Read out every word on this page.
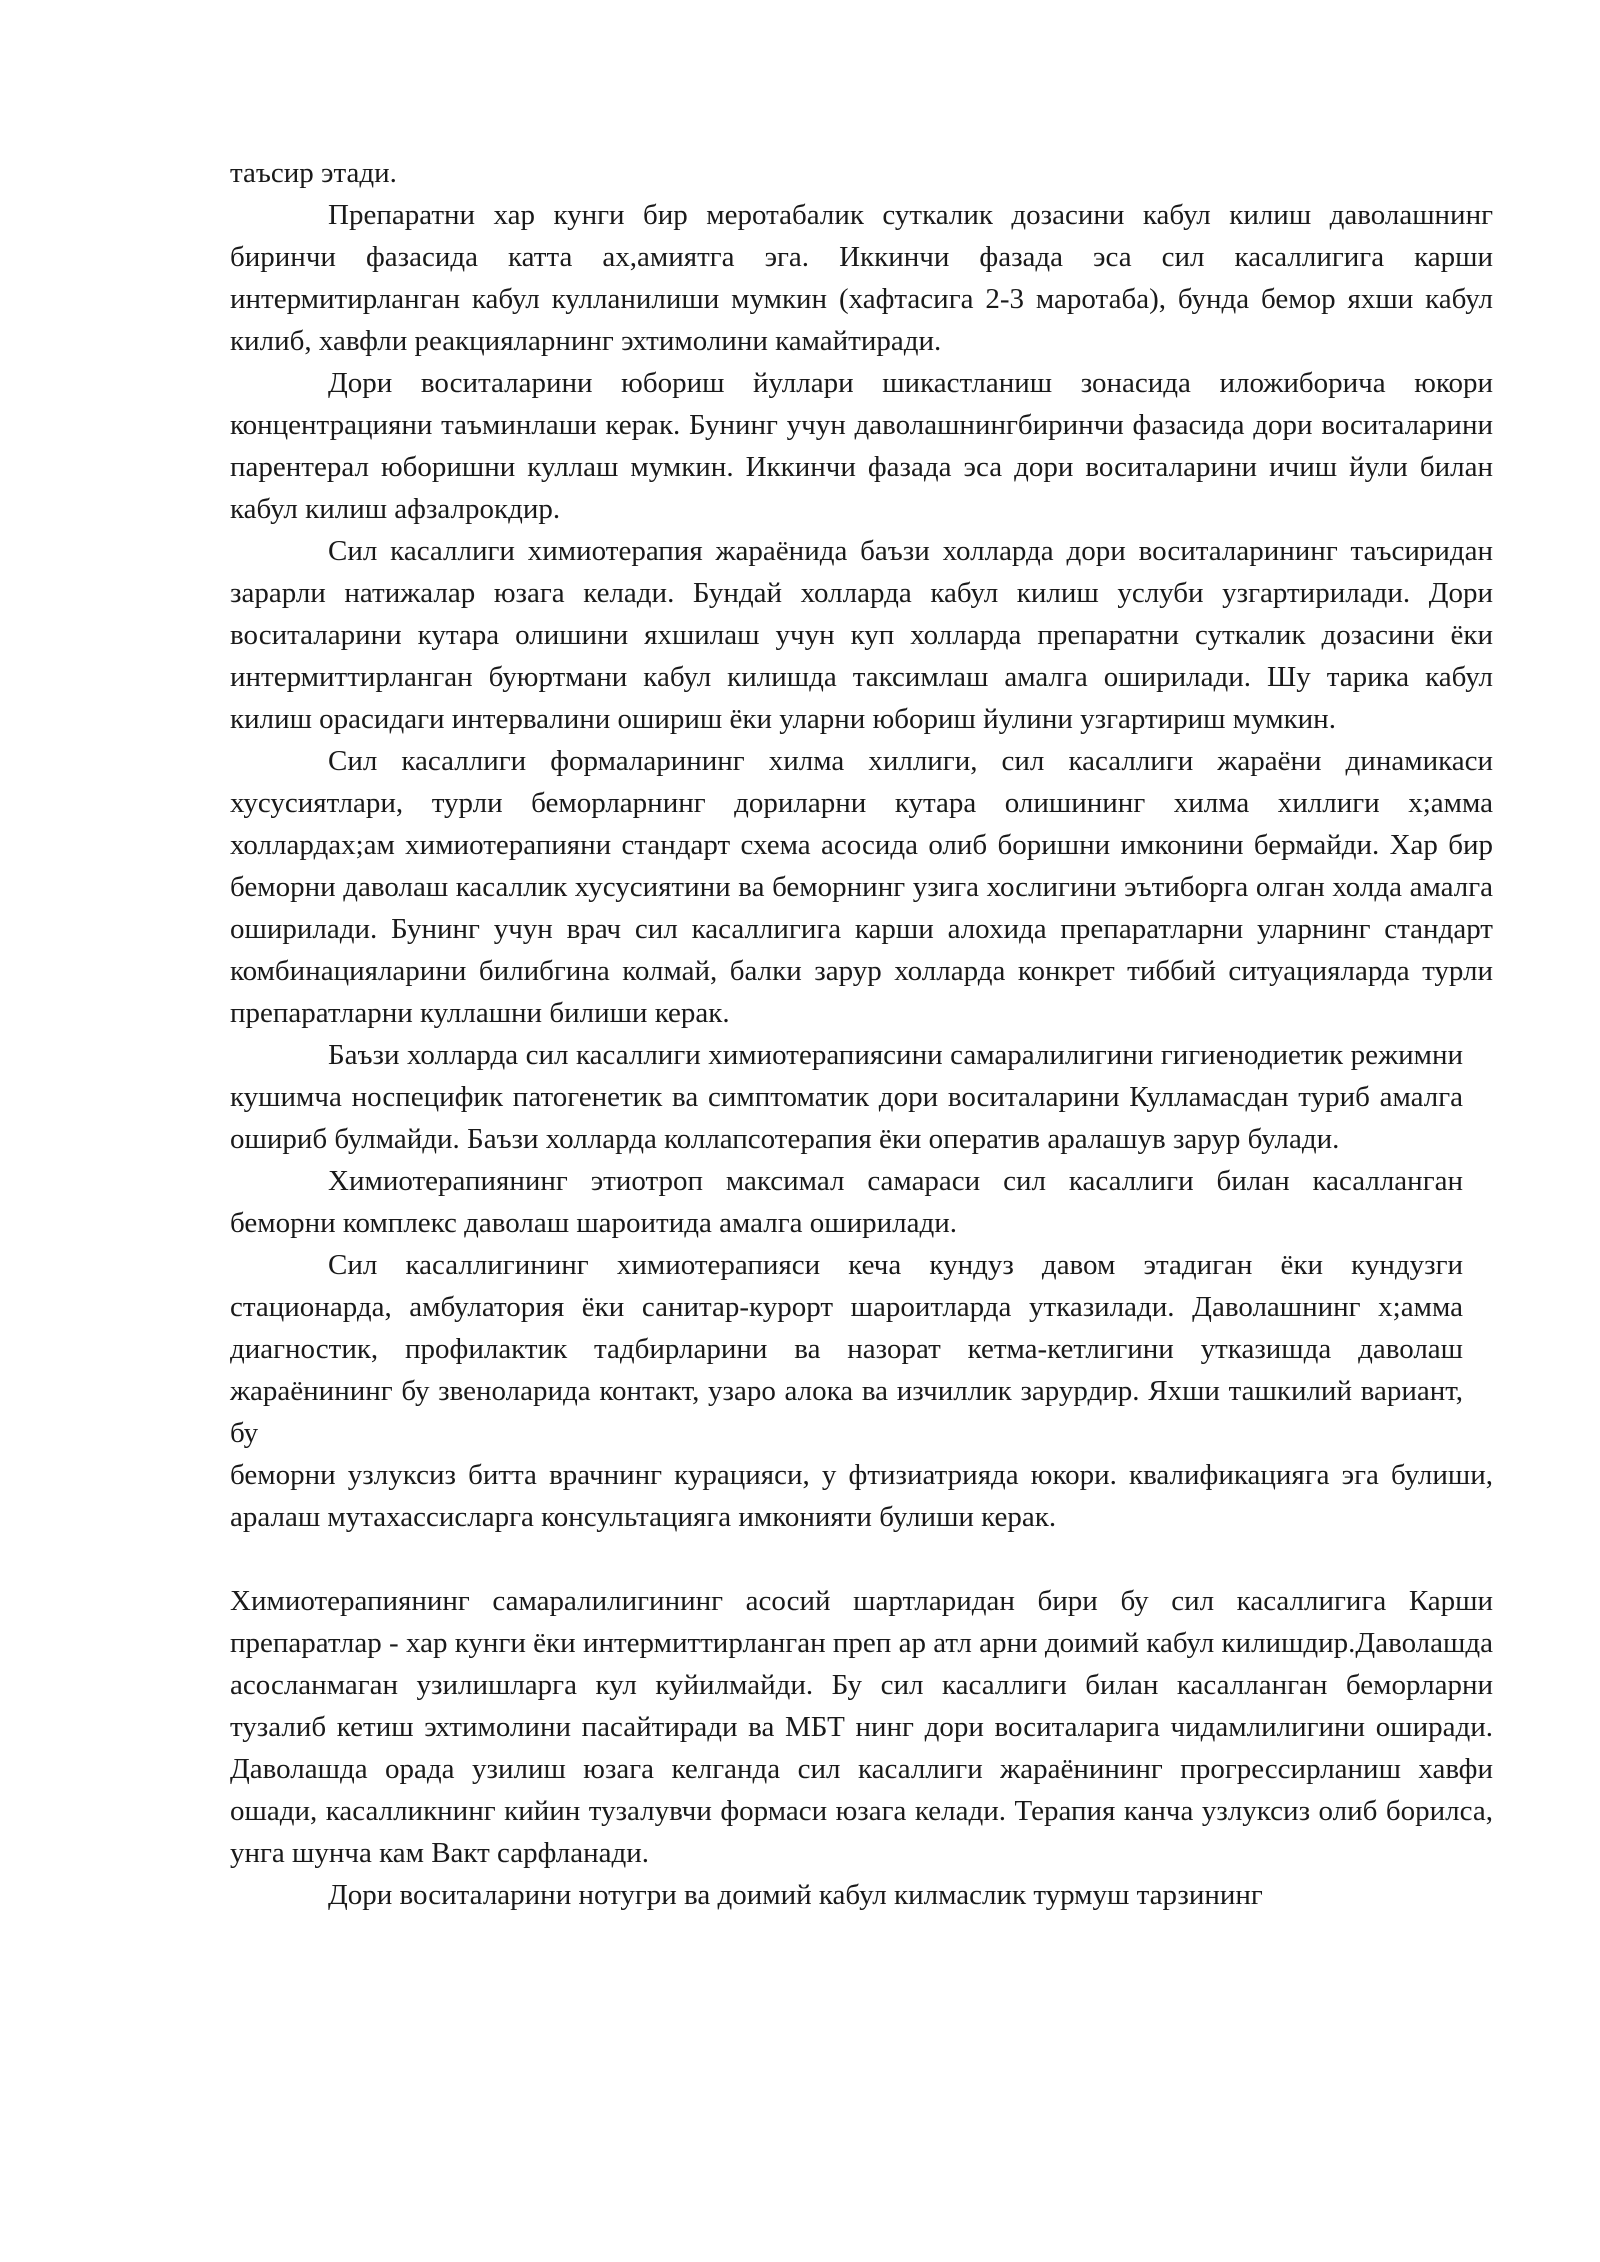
таъсир этади.

Препаратни хар кунги бир меротабалик суткалик дозасини кабул килиш даволашнинг биринчи фазасида катта ах,амиятга эга. Иккинчи фазада эса сил касаллигига карши интермитирланган кабул кулланилиши мумкин (хафтасига 2-3 маротаба), бунда бемор яхши кабул килиб, хавфли реакцияларнинг эхтимолини камайтиради.

Дори воситаларини юбориш йуллари шикастланиш зонасида иложиборича юкори концентрацияни таъминлаши керак. Бунинг учун даволашнингбиринчи фазасида дори воситаларини парентерал юборишни куллаш мумкин. Иккинчи фазада эса дори воситаларини ичиш йули билан кабул килиш афзалрокдир.

Сил касаллиги химиотерапия жараёнида баъзи холларда дори воситаларининг таъсиридан зарарли натижалар юзага келади. Бундай холларда кабул килиш услуби узгартирилади. Дори воситаларини кутара олишини яхшилаш учун куп холларда препаратни суткалик дозасини ёки интермиттирланган буюртмани кабул килишда таксимлаш амалга оширилади. Шу тарика кабул килиш орасидаги интервалини ошириш ёки уларни юбориш йулини узгартириш мумкин.

Сил касаллиги формаларининг хилма хиллиги, сил касаллиги жараёни динамикаси хусусиятлари, турли беморларнинг дориларни кутара олишининг хилма хиллиги х;амма холлардах;ам химиотерапияни стандарт схема асосида олиб боришни имконини бермайди. Хар бир беморни даволаш касаллик хусусиятини ва беморнинг узига хослигини эътиборга олган холда амалга оширилади. Бунинг учун врач сил касаллигига карши алохида препаратларни уларнинг стандарт комбинацияларини билибгина колмай, балки зарур холларда конкрет тиббий ситуацияларда турли препаратларни куллашни билиши керак.

Баъзи холларда сил касаллиги химиотерапиясини самаралилигини гигиенодиетик режимни кушимча носпецифик патогенетик ва симптоматик дори воситаларини Кулламасдан туриб амалга ошириб булмайди. Баъзи холларда коллапсотерапия ёки оператив аралашув зарур булади.

Химиотерапиянинг этиотроп максимал самараси сил касаллиги билан касалланган беморни комплекс даволаш шароитида амалга оширилади.

Сил касаллигининг химиотерапияси кеча кундуз давом этадиган ёки кундузги стационарда, амбулатория ёки санитар-курорт шароитларда утказилади. Даволашнинг х;амма диагностик, профилактик тадбирларини ва назорат кетма-кетлигини утказишда даволаш жараёнининг бу звеноларида контакт, узаро алока ва изчиллик зарурдир. Яхши ташкилий вариант, бу

беморни узлуксиз битта врачнинг курацияси, у фтизиатрияда юкори. квалификацияга эга булиши, аралаш мутахассисларга консультацияга имконияти булиши керак.

Химиотерапиянинг самаралилигининг асосий шартларидан бири бу сил касаллигига Карши препаратлар - хар кунги ёки интермиттирланган преп ар атл арни доимий кабул килишдир.Даволашда асосланмаган узилишларга кул куйилмайди. Бу сил касаллиги билан касалланган беморларни тузалиб кетиш эхтимолини пасайтиради ва МБТ нинг дори воситаларига чидамлилигини оширади. Даволашда орада узилиш юзага келганда сил касаллиги жараёнининг прогрессирланиш хавфи ошади, касалликнинг кийин тузалувчи формаси юзага келади. Терапия канча узлуксиз олиб борилса, унга шунча кам Вакт сарфланади.

Дори воситаларини нотугри ва доимий кабул килмаслик турмуш тарзининг
